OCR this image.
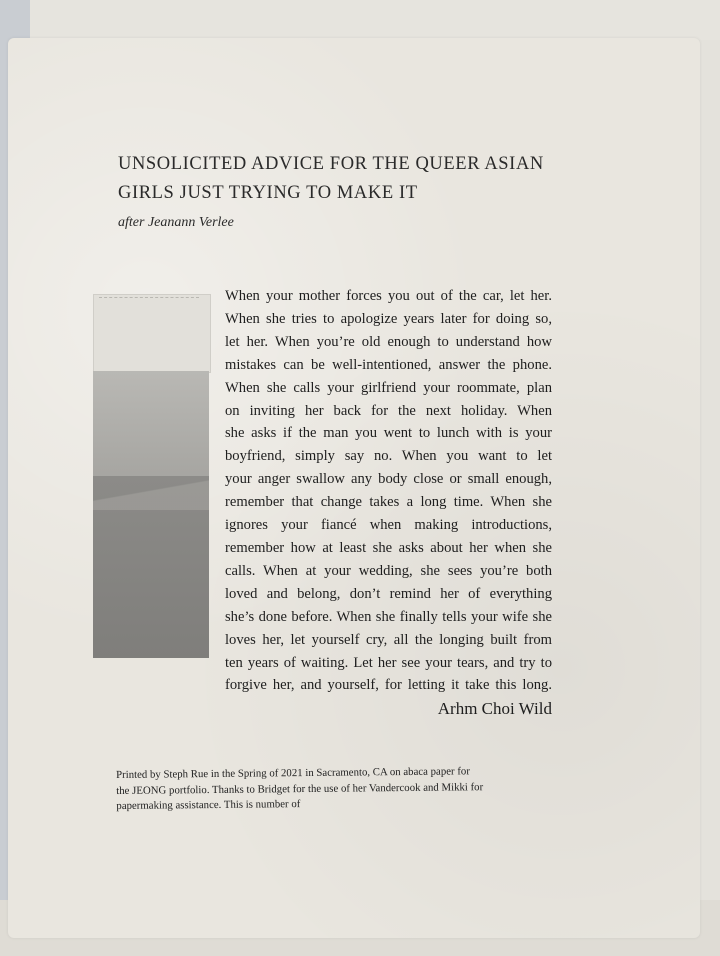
UNSOLICITED ADVICE FOR THE QUEER ASIAN
GIRLS JUST TRYING TO MAKE IT
after Jeanann Verlee
When your mother forces you out of the car, let her.
When she tries to apologize years later for doing so,
let her. When you’re old enough to understand how
mistakes can be well-intentioned, answer the phone.
When she calls your girlfriend your roommate, plan
on inviting her back for the next holiday. When
she asks if the man you went to lunch with is your
boyfriend, simply say no. When you want to let
your anger swallow any body close or small enough,
remember that change takes a long time. When she
ignores your fiancé when making introductions,
remember how at least she asks about her when she
calls. When at your wedding, she sees you’re both
loved and belong, don’t remind her of everything
she’s done before. When she finally tells your wife she
loves her, let yourself cry, all the longing built from
ten years of waiting. Let her see your tears, and try to
forgive her, and yourself, for letting it take this long.
Arhm Choi Wild
Printed by Steph Rue in the Spring of 2021 in Sacramento, CA on abaca paper for
the JEONG portfolio. Thanks to Bridget for the use of her Vandercook and Mikki for
papermaking assistance. This is number of
